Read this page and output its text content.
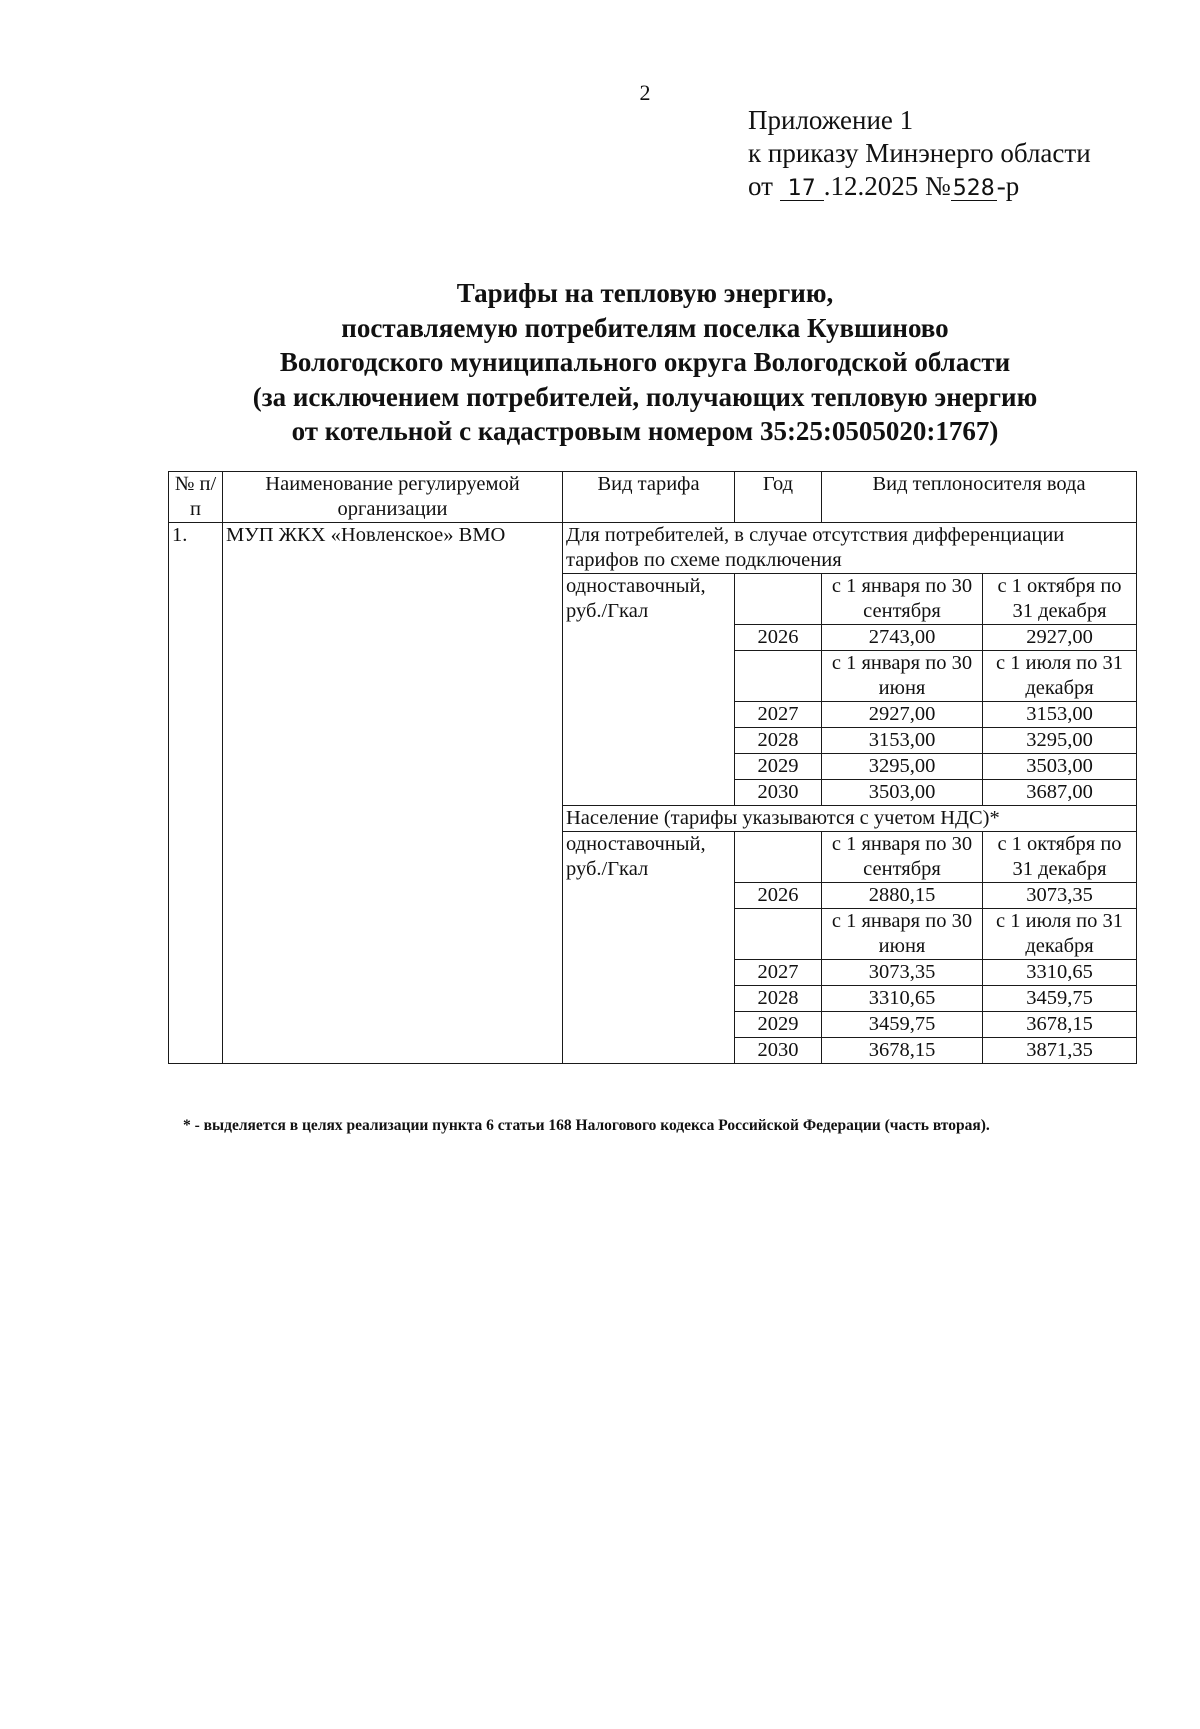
2
Приложение 1
к приказу Минэнерго области
от 17 .12.2025 №528-р
Тарифы на тепловую энергию,
поставляемую потребителям поселка Кувшиново
Вологодского муниципального округа Вологодской области
(за исключением потребителей, получающих тепловую энергию
от котельной с кадастровым номером 35:25:0505020:1767)
№ п/п	Наименование регулируемой организации	Вид тарифа	Год	Вид теплоносителя вода	
1.	МУП ЖКХ «Новленское» ВМО	Для потребителей, в случае отсутствия дифференциации тарифов по схеме подключения			
		одноставочный, руб./Гкал		с 1 января по 30 сентября	с 1 октября по 31 декабря
			2026	2743,00	2927,00
				с 1 января по 30 июня	с 1 июля по 31 декабря
			2027	2927,00	3153,00
			2028	3153,00	3295,00
			2029	3295,00	3503,00
			2030	3503,00	3687,00
		Население (тарифы указываются с учетом НДС)*			
		одноставочный, руб./Гкал		с 1 января по 30 сентября	с 1 октября по 31 декабря
			2026	2880,15	3073,35
				с 1 января по 30 июня	с 1 июля по 31 декабря
			2027	3073,35	3310,65
			2028	3310,65	3459,75
			2029	3459,75	3678,15
			2030	3678,15	3871,35
* - выделяется в целях реализации пункта 6 статьи 168 Налогового кодекса Российской Федерации (часть вторая).
